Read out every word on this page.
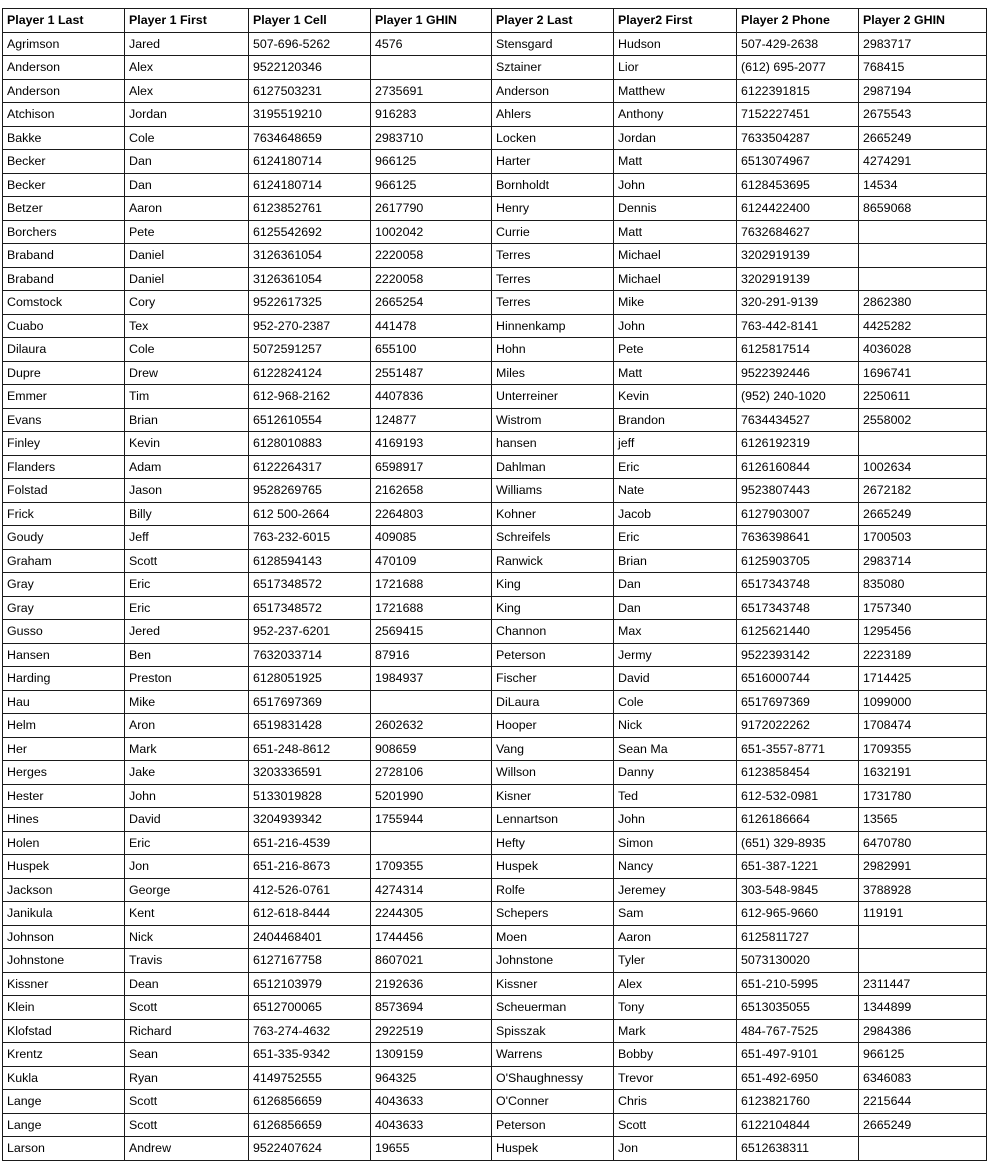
Player 1 Last	Player 1 First	Player 1 Cell	Player 1 GHIN	Player 2 Last	Player2 First	Player 2 Phone	Player 2 GHIN
Agrimson	Jared	507-696-5262	4576	Stensgard	Hudson	507-429-2638	2983717
Anderson	Alex	9522120346		Sztainer	Lior	(612) 695-2077	768415
Anderson	Alex	6127503231	2735691	Anderson	Matthew	6122391815	2987194
Atchison	Jordan	3195519210	916283	Ahlers	Anthony	7152227451	2675543
Bakke	Cole	7634648659	2983710	Locken	Jordan	7633504287	2665249
Becker	Dan	6124180714	966125	Harter	Matt	6513074967	4274291
Becker	Dan	6124180714	966125	Bornholdt	John	6128453695	14534
Betzer	Aaron	6123852761	2617790	Henry	Dennis	6124422400	8659068
Borchers	Pete	6125542692	1002042	Currie	Matt	7632684627	
Braband	Daniel	3126361054	2220058	Terres	Michael	3202919139	
Braband	Daniel	3126361054	2220058	Terres	Michael	3202919139	
Comstock	Cory	9522617325	2665254	Terres	Mike	320-291-9139	2862380
Cuabo	Tex	952-270-2387	441478	Hinnenkamp	John	763-442-8141	4425282
Dilaura	Cole	5072591257	655100	Hohn	Pete	6125817514	4036028
Dupre	Drew	6122824124	2551487	Miles	Matt	9522392446	1696741
Emmer	Tim	612-968-2162	4407836	Unterreiner	Kevin	(952) 240-1020	2250611
Evans	Brian	6512610554	124877	Wistrom	Brandon	7634434527	2558002
Finley	Kevin	6128010883	4169193	hansen	jeff	6126192319	
Flanders	Adam	6122264317	6598917	Dahlman	Eric	6126160844	1002634
Folstad	Jason	9528269765	2162658	Williams	Nate	9523807443	2672182
Frick	Billy	612 500-2664	2264803	Kohner	Jacob	6127903007	2665249
Goudy	Jeff	763-232-6015	409085	Schreifels	Eric	7636398641	1700503
Graham	Scott	6128594143	470109	Ranwick	Brian	6125903705	2983714
Gray	Eric	6517348572	1721688	King	Dan	6517343748	835080
Gray	Eric	6517348572	1721688	King	Dan	6517343748	1757340
Gusso	Jered	952-237-6201	2569415	Channon	Max	6125621440	1295456
Hansen	Ben	7632033714	87916	Peterson	Jermy	9522393142	2223189
Harding	Preston	6128051925	1984937	Fischer	David	6516000744	1714425
Hau	Mike	6517697369		DiLaura	Cole	6517697369	1099000
Helm	Aron	6519831428	2602632	Hooper	Nick	9172022262	1708474
Her	Mark	651-248-8612	908659	Vang	Sean Ma	651-3557-8771	1709355
Herges	Jake	3203336591	2728106	Willson	Danny	6123858454	1632191
Hester	John	5133019828	5201990	Kisner	Ted	612-532-0981	1731780
Hines	David	3204939342	1755944	Lennartson	John	6126186664	13565
Holen	Eric	651-216-4539		Hefty	Simon	(651) 329-8935	6470780
Huspek	Jon	651-216-8673	1709355	Huspek	Nancy	651-387-1221	2982991
Jackson	George	412-526-0761	4274314	Rolfe	Jeremey	303-548-9845	3788928
Janikula	Kent	612-618-8444	2244305	Schepers	Sam	612-965-9660	119191
Johnson	Nick	2404468401	1744456	Moen	Aaron	6125811727	
Johnstone	Travis	6127167758	8607021	Johnstone	Tyler	5073130020	
Kissner	Dean	6512103979	2192636	Kissner	Alex	651-210-5995	2311447
Klein	Scott	6512700065	8573694	Scheuerman	Tony	6513035055	1344899
Klofstad	Richard	763-274-4632	2922519	Spisszak	Mark	484-767-7525	2984386
Krentz	Sean	651-335-9342	1309159	Warrens	Bobby	651-497-9101	966125
Kukla	Ryan	4149752555	964325	O'Shaughnessy	Trevor	651-492-6950	6346083
Lange	Scott	6126856659	4043633	O'Conner	Chris	6123821760	2215644
Lange	Scott	6126856659	4043633	Peterson	Scott	6122104844	2665249
Larson	Andrew	9522407624	19655	Huspek	Jon	6512638311	
